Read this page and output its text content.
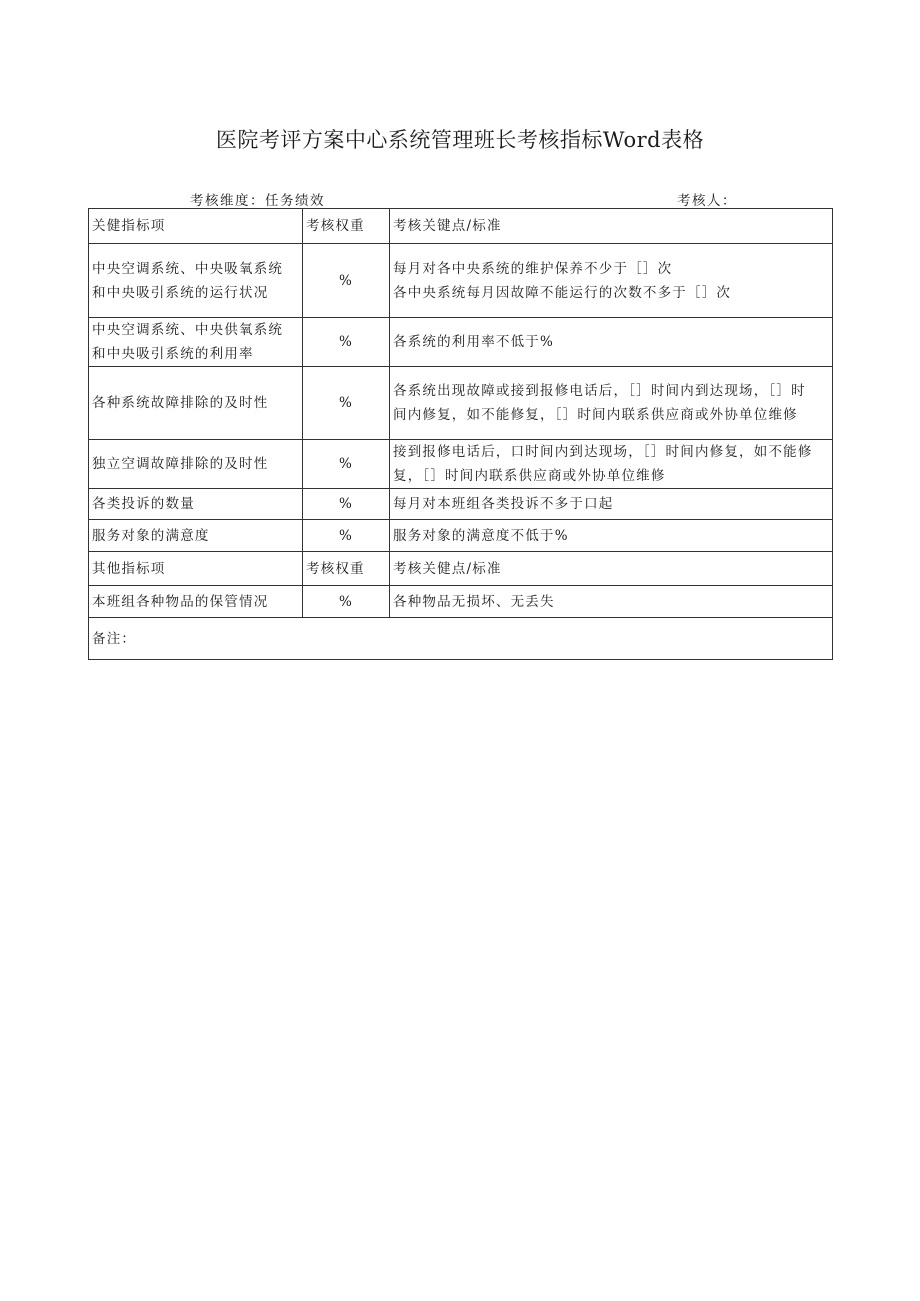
医院考评方案中心系统管理班长考核指标Word表格
考核维度：任务绩效	考核人：
关健指标项	考核权重	考核关键点/标准
中央空调系统、中央吸氧系统
和中央吸引系统的运行状况	%	每月对各中央系统的维护保养不少于［］次
各中央系统每月因故障不能运行的次数不多于［］次
中央空调系统、中央供氧系统
和中央吸引系统的利用率	%	各系统的利用率不低于%
各种系统故障排除的及时性	%	各系统出现故障或接到报修电话后，［］时间内到达现场，［］时
间内修复，如不能修复，［］时间内联系供应商或外协单位维修
独立空调故障排除的及时性	%	接到报修电话后，口时间内到达现场，［］时间内修复，如不能修
复，［］时间内联系供应商或外协单位维修
各类投诉的数量	%	每月对本班组各类投诉不多于口起
服务对象的满意度	%	服务对象的满意度不低于%
其他指标项	考核权重	考核关健点/标准
本班组各种物品的保管情况	%	各种物品无损坏、无丢失
备注：		
